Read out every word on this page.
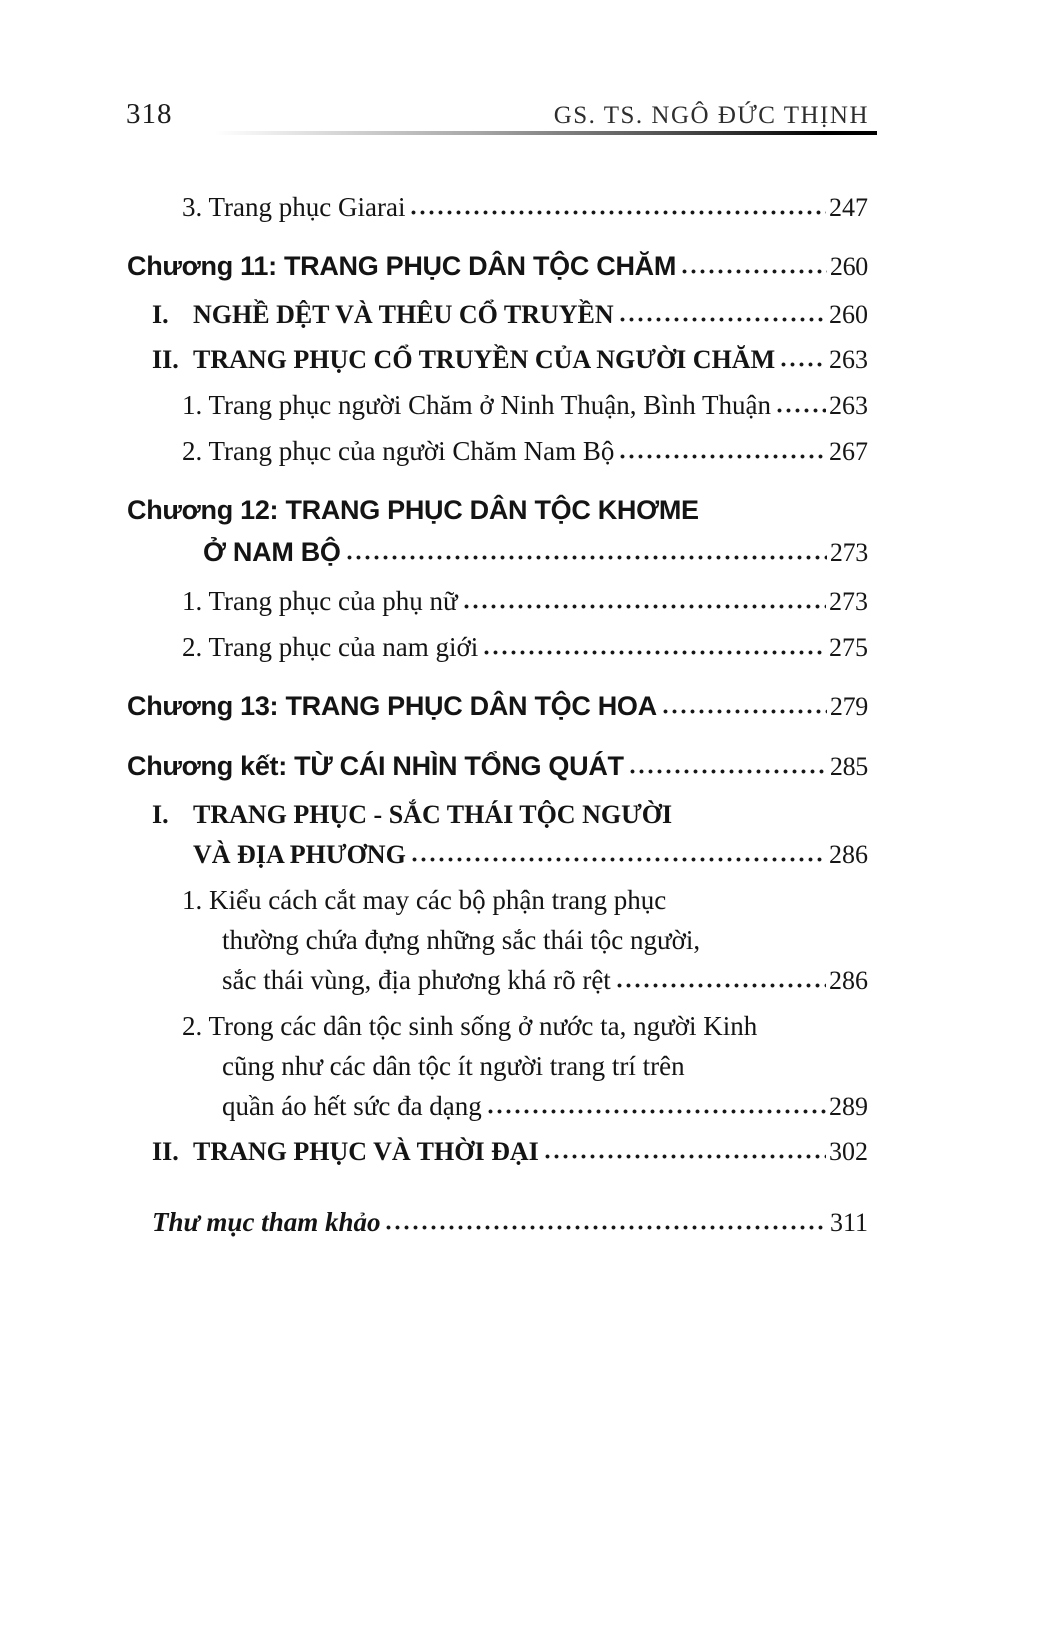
318	GS. TS. NGÔ ĐỨC THỊNH
3. Trang phục Giarai	247
Chương 11: TRANG PHỤC DÂN TỘC CHĂM	260
I. NGHỀ DỆT VÀ THÊU CỔ TRUYỀN	260
II. TRANG PHỤC CỔ TRUYỀN CỦA NGƯỜI CHĂM 263
1. Trang phục người Chăm ở Ninh Thuận, Bình Thuận 263
2. Trang phục của người Chăm Nam Bộ	267
Chương 12: TRANG PHỤC DÂN TỘC KHƠME
Ở NAM BỘ	273
1. Trang phục của phụ nữ	273
2. Trang phục của nam giới	275
Chương 13: TRANG PHỤC DÂN TỘC HOA	279
Chương kết: TỪ CÁI NHÌN TỔNG QUÁT	285
I. TRANG PHỤC - SẮC THÁI TỘC NGƯỜI
VÀ ĐỊA PHƯƠNG	286
1. Kiểu cách cắt may các bộ phận trang phục
thường chứa đựng những sắc thái tộc người,
sắc thái vùng, địa phương khá rõ rệt	286
2. Trong các dân tộc sinh sống ở nước ta, người Kinh
cũng như các dân tộc ít người trang trí trên
quần áo hết sức đa dạng	289
II. TRANG PHỤC VÀ THỜI ĐẠI	302
Thư mục tham khảo	311
